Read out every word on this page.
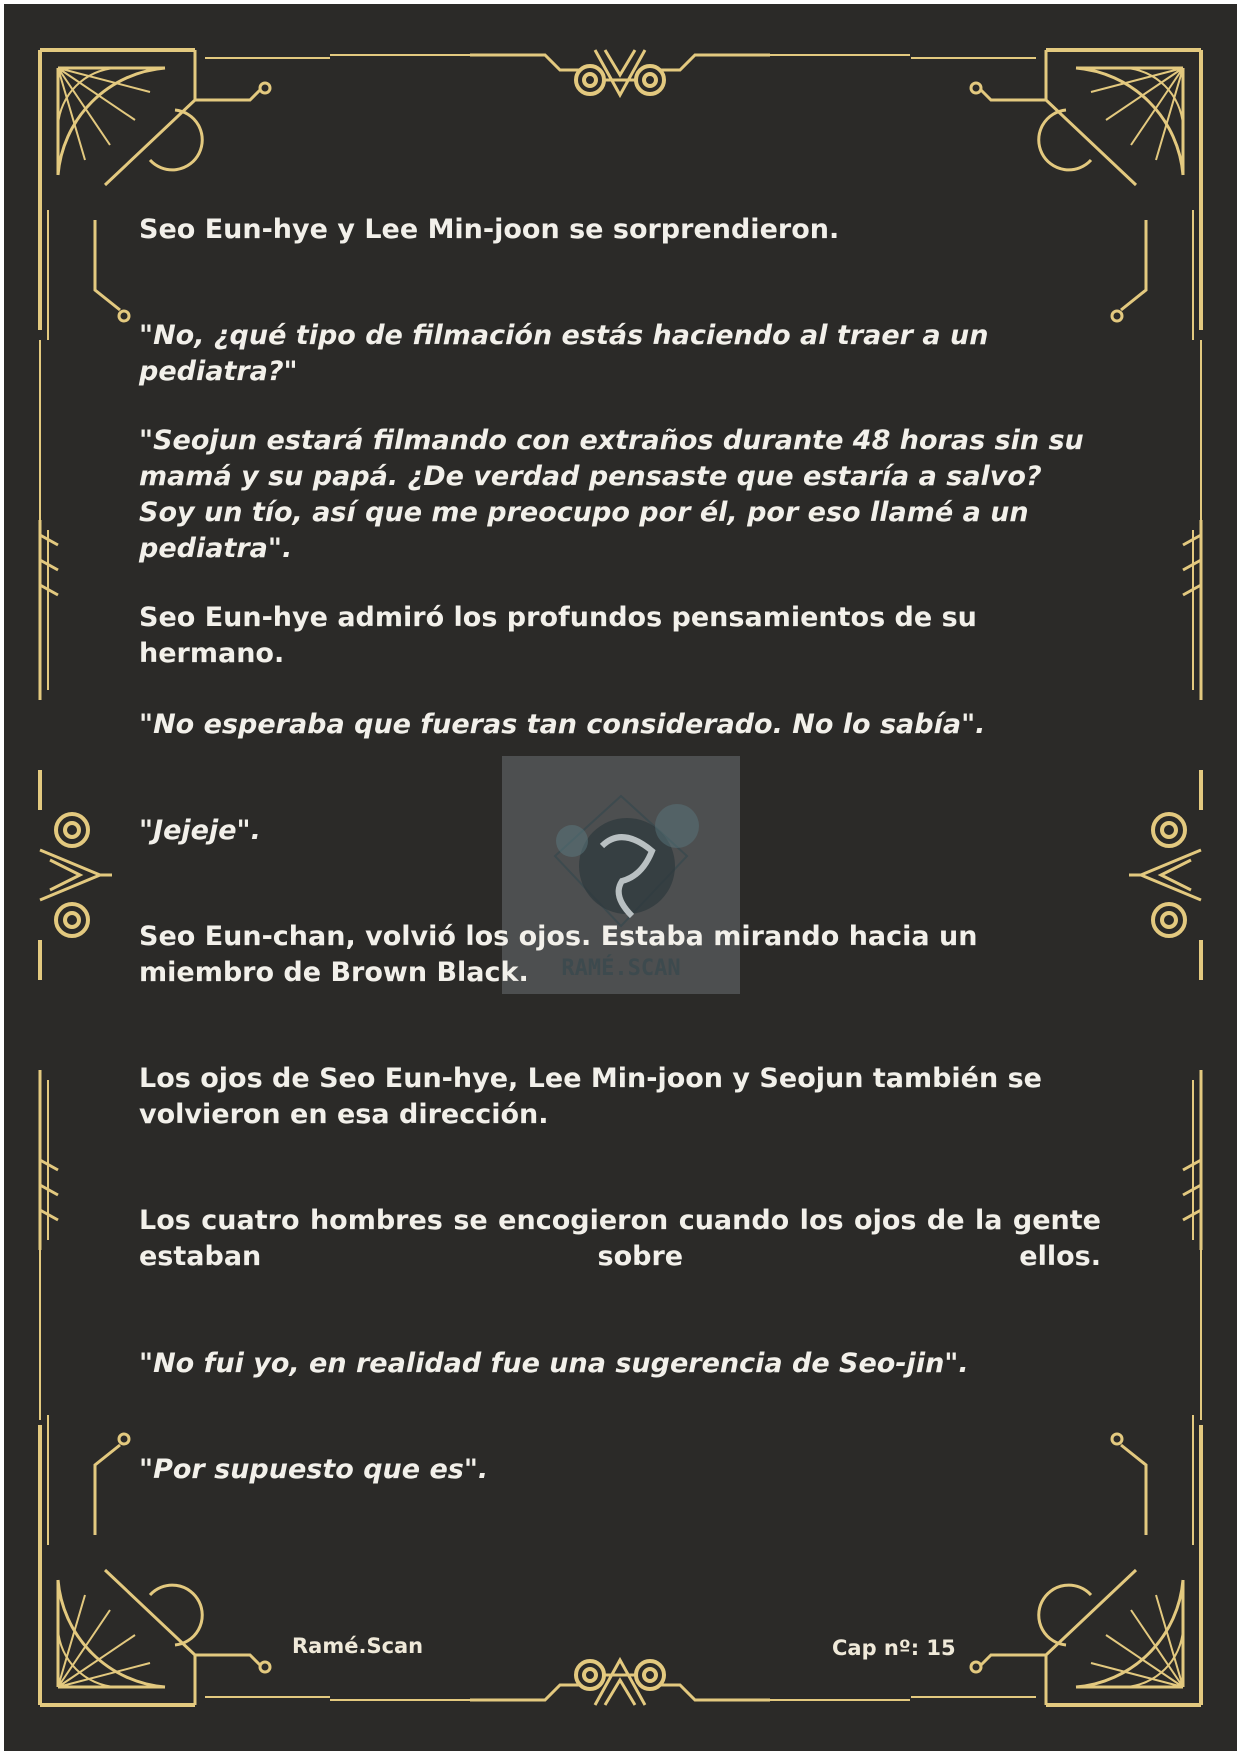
RAMÉ.SCAN

Seo Eun-hye y Lee Min-joon se sorprendieron.

"No, ¿qué tipo de filmación estás haciendo al traer a un pediatra?"

"Seojun estará filmando con extraños durante 48 horas sin su mamá y su papá. ¿De verdad pensaste que estaría a salvo? Soy un tío, así que me preocupo por él, por eso llamé a un pediatra".

Seo Eun-hye admiró los profundos pensamientos de su hermano.

"No esperaba que fueras tan considerado. No lo sabía".

"Jejeje".

Seo Eun-chan, volvió los ojos. Estaba mirando hacia un miembro de Brown Black.

Los ojos de Seo Eun-hye, Lee Min-joon y Seojun también se volvieron en esa dirección.

Los cuatro hombres se encogieron cuando los ojos de la gente estaban sobre ellos.

"No fui yo, en realidad fue una sugerencia de Seo-jin".

"Por supuesto que es".

Ramé.Scan	Cap nº: 15
